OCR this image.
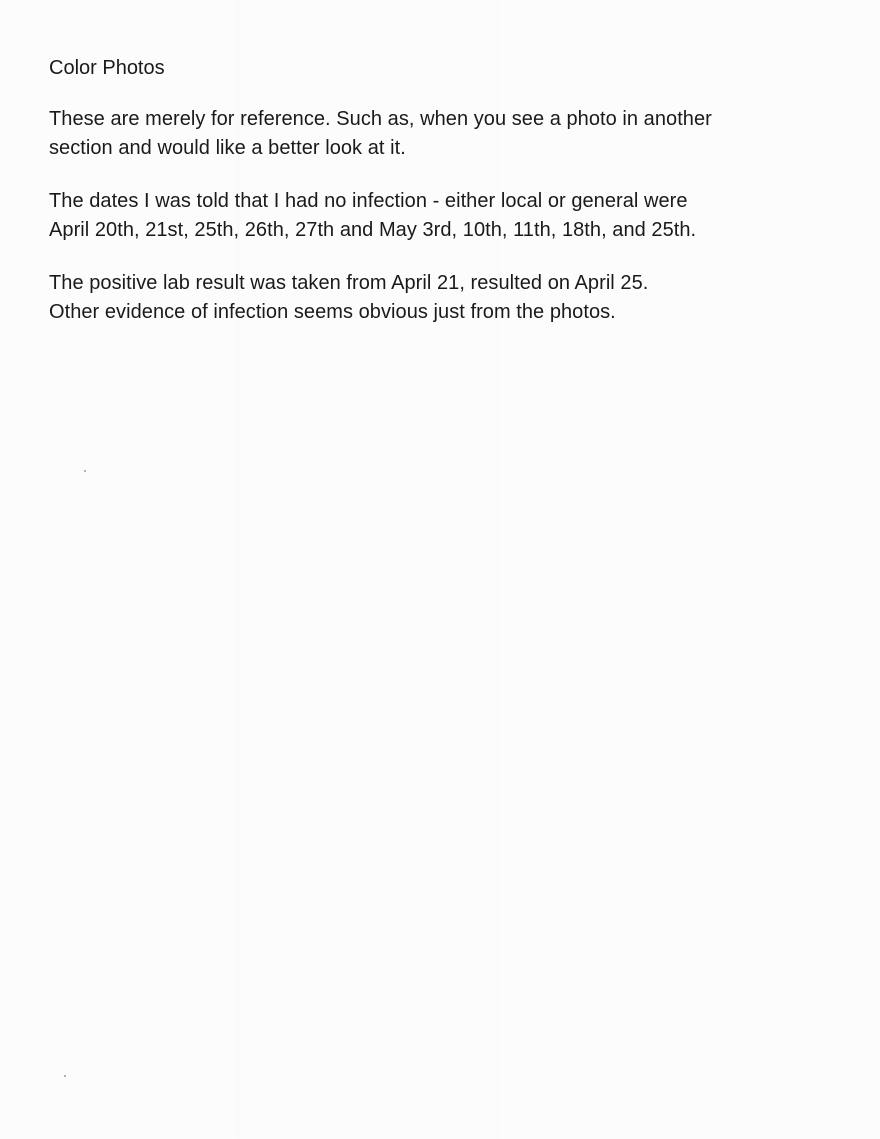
Color Photos
These are merely for reference. Such as, when you see a photo in another
section and would like a better look at it.
The dates I was told that I had no infection - either local or general were
April 20th, 21st, 25th, 26th, 27th and May 3rd, 10th, 11th, 18th, and 25th.
The positive lab result was taken from April 21, resulted on April 25.
Other evidence of infection seems obvious just from the photos.
